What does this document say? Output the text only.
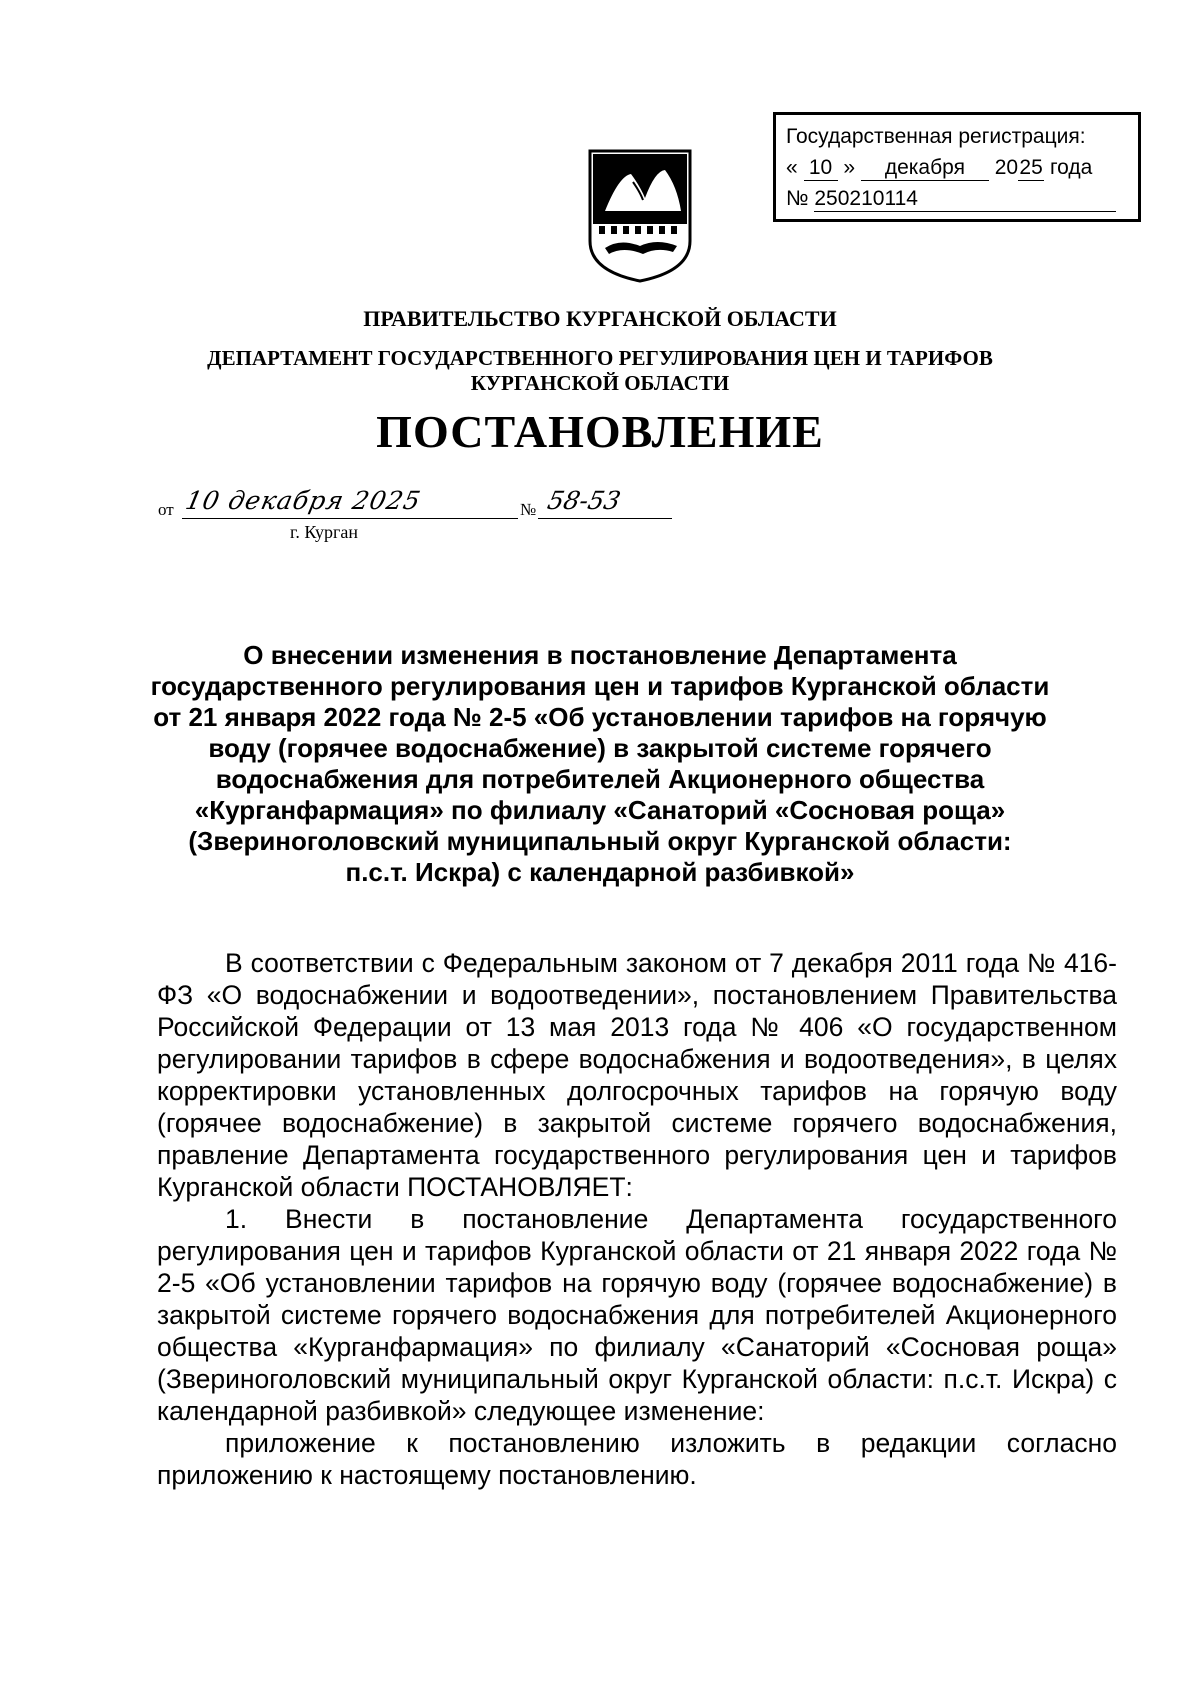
Государственная регистрация:
« 10 » декабря 2025 года
№ 250210114
ПРАВИТЕЛЬСТВО КУРГАНСКОЙ ОБЛАСТИ
ДЕПАРТАМЕНТ ГОСУДАРСТВЕННОГО РЕГУЛИРОВАНИЯ ЦЕН И ТАРИФОВ
КУРГАНСКОЙ ОБЛАСТИ
ПОСТАНОВЛЕНИЕ
от 10 декабря 2025	№ 58-53
г. Курган
О внесении изменения в постановление Департамента
государственного регулирования цен и тарифов Курганской области
от 21 января 2022 года № 2-5 «Об установлении тарифов на горячую
воду (горячее водоснабжение) в закрытой системе горячего
водоснабжения для потребителей Акционерного общества
«Курганфармация» по филиалу «Санаторий «Сосновая роща»
(Звериноголовский муниципальный округ Курганской области:
п.с.т. Искра) с календарной разбивкой»

В соответствии с Федеральным законом от 7 декабря 2011 года № 416-ФЗ «О водоснабжении и водоотведении», постановлением Правительства Российской Федерации от 13 мая 2013 года № 406 «О государственном регулировании тарифов в сфере водоснабжения и водоотведения», в целях корректировки установленных долгосрочных тарифов на горячую воду (горячее водоснабжение) в закрытой системе горячего водоснабжения, правление Департамента государственного регулирования цен и тарифов Курганской области ПОСТАНОВЛЯЕТ:

1. Внести в постановление Департамента государственного регулирования цен и тарифов Курганской области от 21 января 2022 года № 2-5 «Об установлении тарифов на горячую воду (горячее водоснабжение) в закрытой системе горячего водоснабжения для потребителей Акционерного общества «Курганфармация» по филиалу «Санаторий «Сосновая роща» (Звериноголовский муниципальный округ Курганской области: п.с.т. Искра) с календарной разбивкой» следующее изменение:

приложение к постановлению изложить в редакции согласно приложению к настоящему постановлению.
